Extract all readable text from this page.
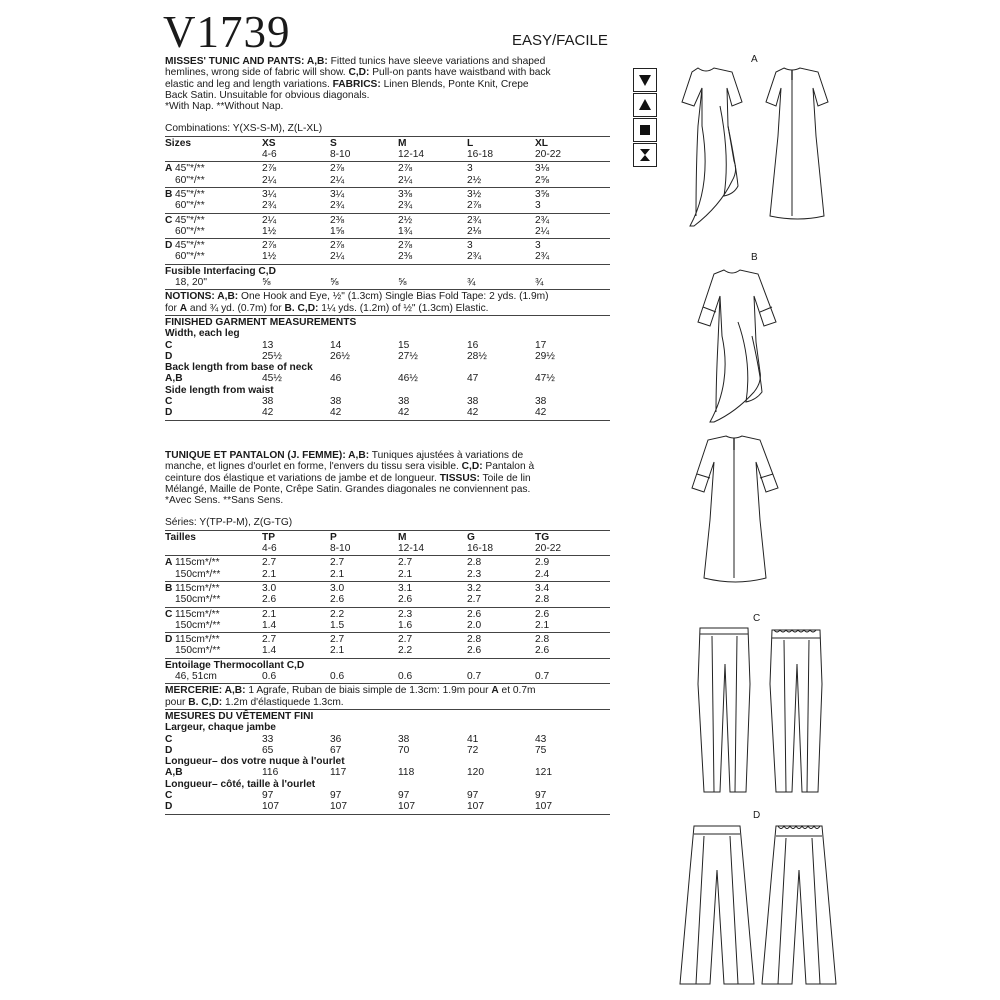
V1739	EASY/FACILE
MISSES' TUNIC AND PANTS: A,B: Fitted tunics have sleeve variations and shaped
hemlines, wrong side of fabric will show. C,D: Pull-on pants have waistband with back
elastic and leg and length variations. FABRICS: Linen Blends, Ponte Knit, Crepe
Back Satin. Unsuitable for obvious diagonals.
*With Nap. **Without Nap.
Combinations: Y(XS-S-M), Z(L-XL)
Sizes	XS	S	M	L	XL
4-6	8-10	12-14	16-18	20-22
A 45"*/**	2⅞	2⅞	2⅞	3	3⅛
60"*/**	2¼	2¼	2¼	2½	2⅝
B 45"*/**	3¼	3¼	3⅜	3½	3⅝
60"*/**	2¾	2¾	2¾	2⅞	3
C 45"*/**	2¼	2⅜	2½	2¾	2¾
60"*/**	1½	1⅝	1¾	2⅛	2¼
D 45"*/**	2⅞	2⅞	2⅞	3	3
60"*/**	1½	2¼	2⅜	2¾	2¾
Fusible Interfacing C,D
18, 20"	⅝	⅝	⅝	¾	¾
NOTIONS: A,B: One Hook and Eye, ½" (1.3cm) Single Bias Fold Tape: 2 yds. (1.9m)
for A and ¾ yd. (0.7m) for B. C,D: 1¼ yds. (1.2m) of ½" (1.3cm) Elastic.
FINISHED GARMENT MEASUREMENTS
Width, each leg
C	13	14	15	16	17
D	25½	26½	27½	28½	29½
Back length from base of neck
A,B	45½	46	46½	47	47½
Side length from waist
C	38	38	38	38	38
D	42	42	42	42	42
TUNIQUE ET PANTALON (J. FEMME): A,B: Tuniques ajustées à variations de
manche, et lignes d'ourlet en forme, l'envers du tissu sera visible. C,D: Pantalon à
ceinture dos élastique et variations de jambe et de longueur. TISSUS: Toile de lin
Mélangé, Maille de Ponte, Crêpe Satin. Grandes diagonales ne conviennent pas.
*Avec Sens. **Sans Sens.
Séries: Y(TP-P-M), Z(G-TG)
Tailles	TP	P	M	G	TG
4-6	8-10	12-14	16-18	20-22
A 115cm*/**	2.7	2.7	2.7	2.8	2.9
150cm*/**	2.1	2.1	2.1	2.3	2.4
B 115cm*/**	3.0	3.0	3.1	3.2	3.4
150cm*/**	2.6	2.6	2.6	2.7	2.8
C 115cm*/**	2.1	2.2	2.3	2.6	2.6
150cm*/**	1.4	1.5	1.6	2.0	2.1
D 115cm*/**	2.7	2.7	2.7	2.8	2.8
150cm*/**	1.4	2.1	2.2	2.6	2.6
Entoilage Thermocollant C,D
46, 51cm	0.6	0.6	0.6	0.7	0.7
MERCERIE: A,B: 1 Agrafe, Ruban de biais simple de 1.3cm: 1.9m pour A et 0.7m
pour B. C,D: 1.2m d'élastiquede 1.3cm.
MESURES DU VÊTEMENT FINI
Largeur, chaque jambe
C	33	36	38	41	43
D	65	67	70	72	75
Longueur– dos votre nuque à l'ourlet
A,B	116	117	118	120	121
Longueur– côté, taille à l'ourlet
C	97	97	97	97	97
D	107	107	107	107	107
A
B
C
D
